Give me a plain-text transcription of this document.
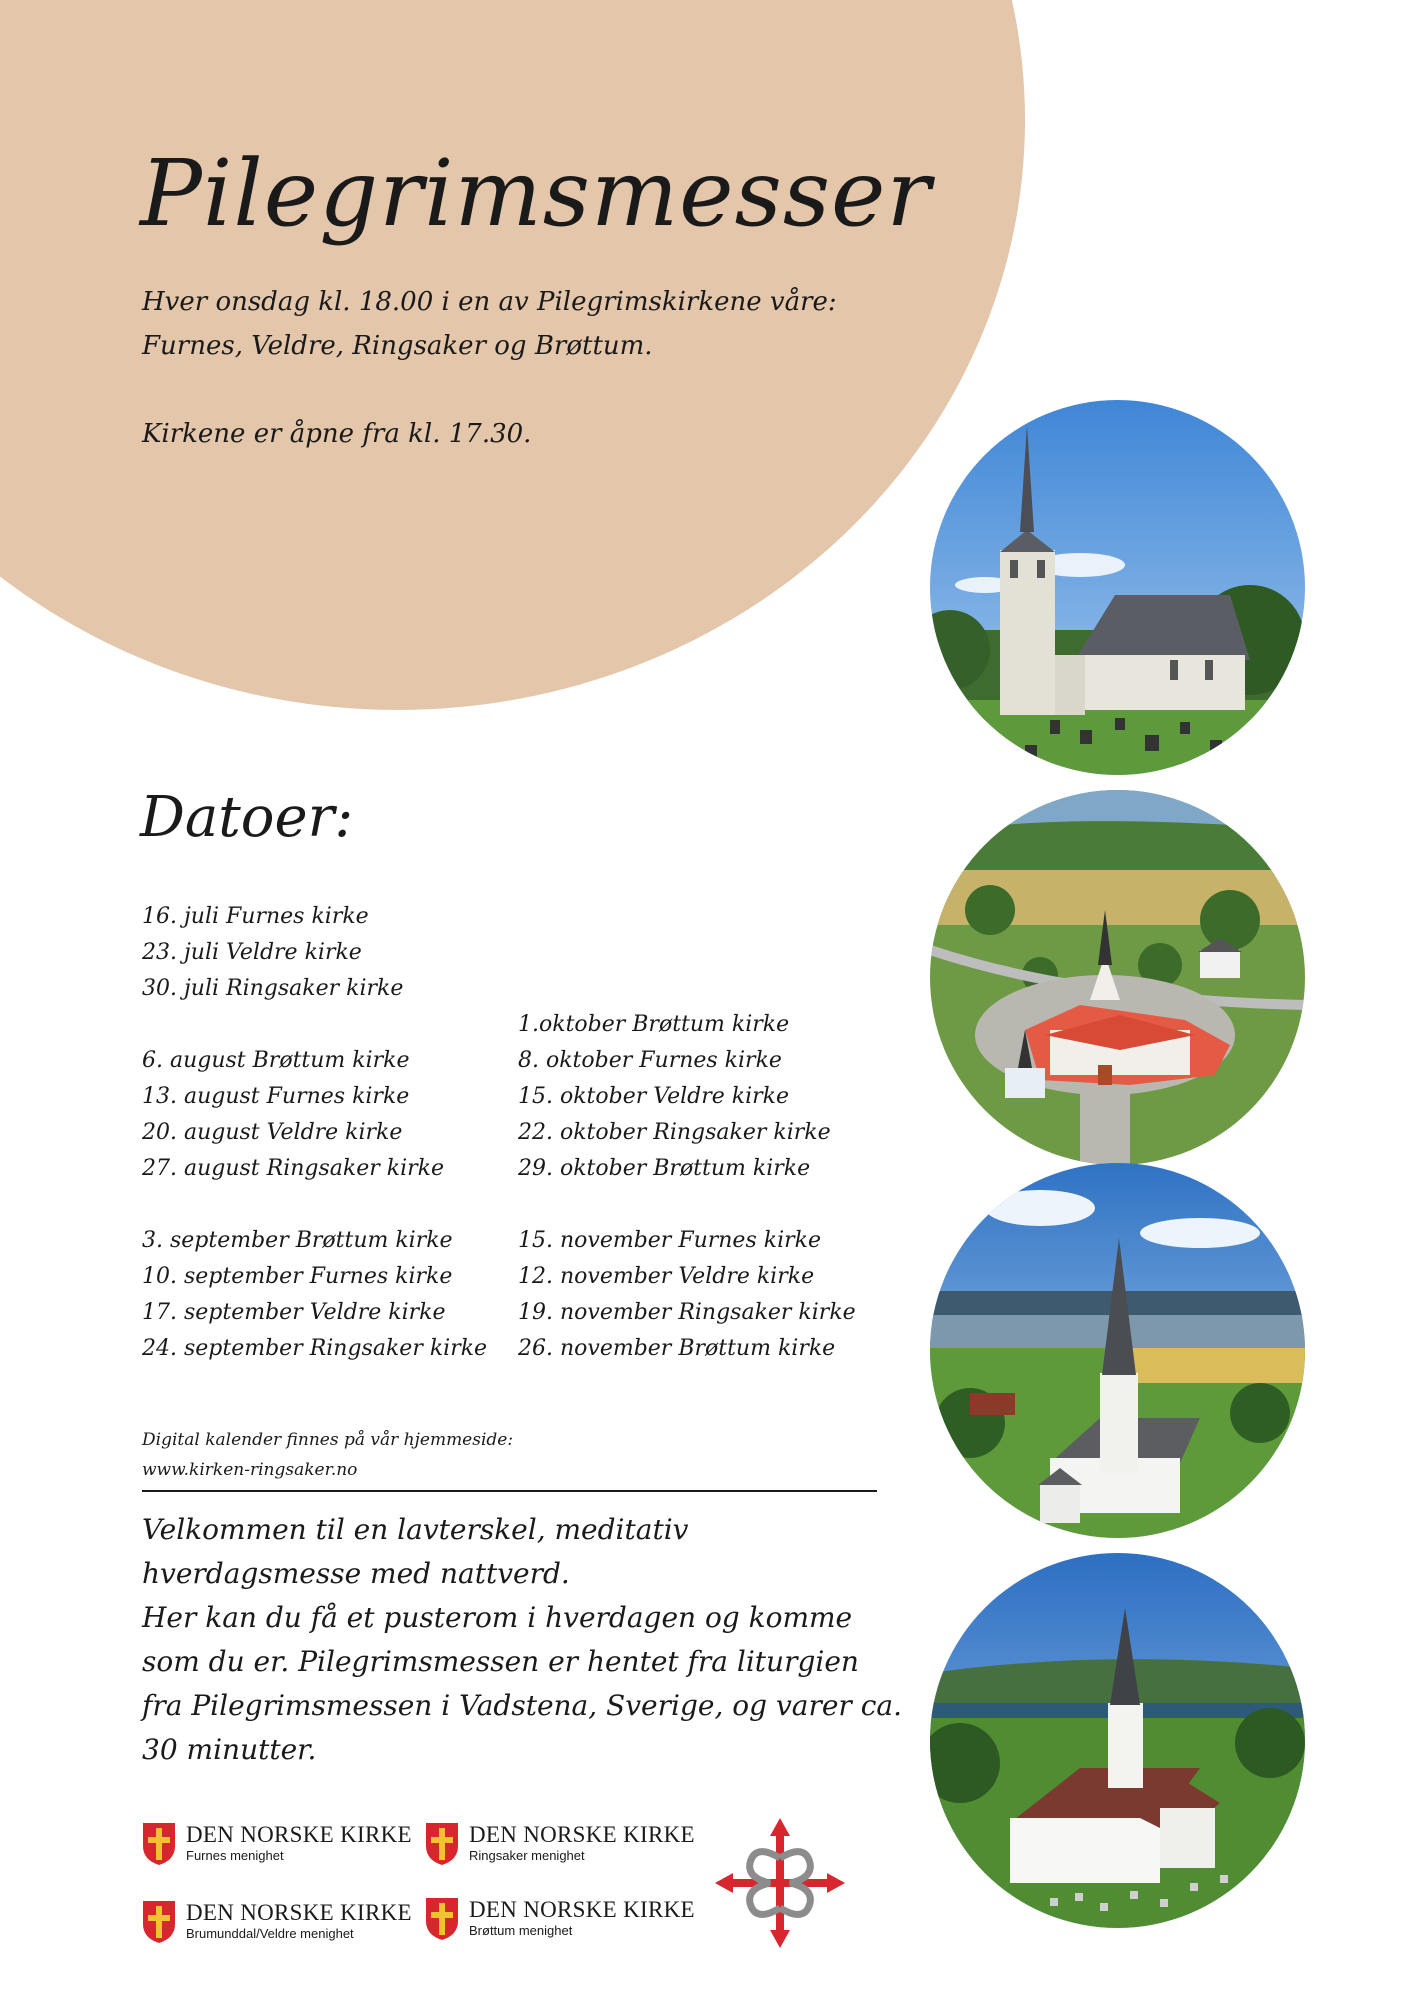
Pilegrimsmesser

Hver onsdag kl. 18.00 i en av Pilegrimskirkene våre:

Furnes, Veldre, Ringsaker og Brøttum.

Kirkene er åpne fra kl. 17.30.

Datoer:
16. juli Furnes kirke
23. juli Veldre kirke
30. juli Ringsaker kirke
6. august Brøttum kirke
13. august Furnes kirke
20. august Veldre kirke
27. august Ringsaker kirke
3. september Brøttum kirke
10. september Furnes kirke
17. september Veldre kirke
24. september Ringsaker kirke
1.oktober Brøttum kirke
8. oktober Furnes kirke
15. oktober Veldre kirke
22. oktober Ringsaker kirke
29. oktober Brøttum kirke
15. november Furnes kirke
12. november Veldre kirke
19. november Ringsaker kirke
26. november Brøttum kirke
Digital kalender finnes på vår hjemmeside:
www.kirken-ringsaker.no
Velkommen til en lavterskel, meditativ
hverdagsmesse med nattverd.
Her kan du få et pusterom i hverdagen og komme
som du er. Pilegrimsmessen er hentet fra liturgien
fra Pilegrimsmessen i Vadstena, Sverige, og varer ca.
30 minutter.
DEN NORSKE KIRKE
Furnes menighet
DEN NORSKE KIRKE
Ringsaker menighet
DEN NORSKE KIRKE
Brumunddal/Veldre menighet
DEN NORSKE KIRKE
Brøttum menighet
